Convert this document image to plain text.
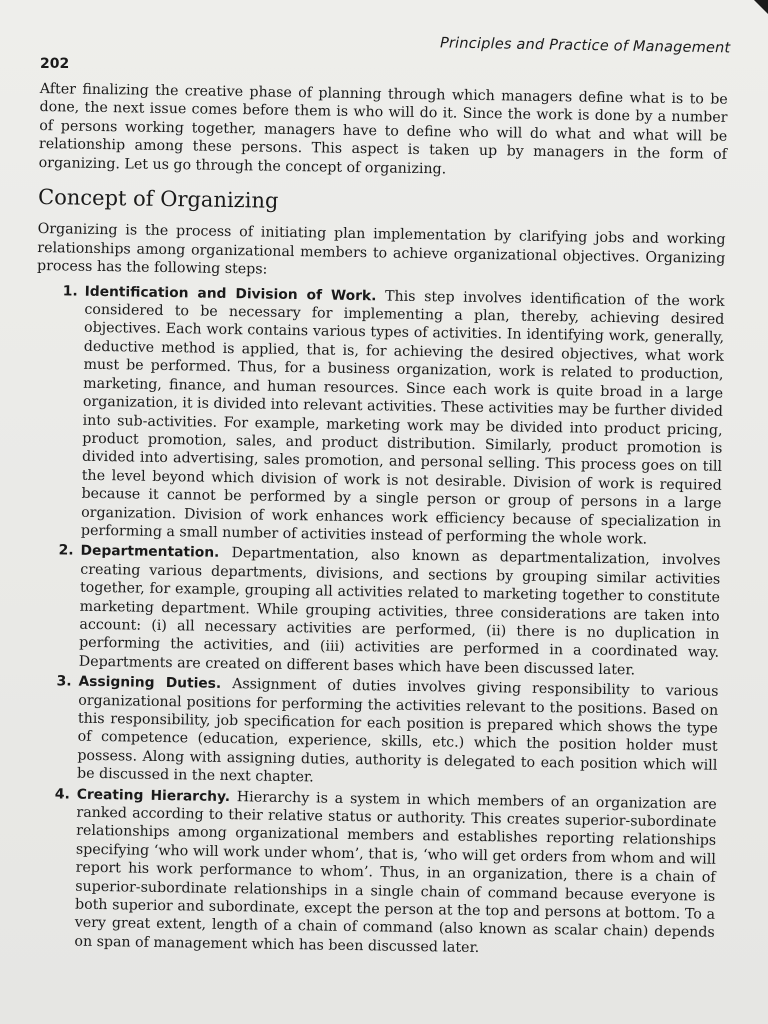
Principles and Practice of Management
202

After finalizing the creative phase of planning through which managers define what is to be done, the next issue comes before them is who will do it. Since the work is done by a number of persons working together, managers have to define who will do what and what will be relationship among these persons. This aspect is taken up by managers in the form of organizing. Let us go through the concept of organizing.

Concept of Organizing

Organizing is the process of initiating plan implementation by clarifying jobs and working relationships among organizational members to achieve organizational objectives. Organizing process has the following steps:

1. Identification and Division of Work. This step involves identification of the work considered to be necessary for implementing a plan, thereby, achieving desired objectives. Each work contains various types of activities. In identifying work, generally, deductive method is applied, that is, for achieving the desired objectives, what work must be performed. Thus, for a business organization, work is related to production, marketing, finance, and human resources. Since each work is quite broad in a large organization, it is divided into relevant activities. These activities may be further divided into sub-activities. For example, marketing work may be divided into product pricing, product promotion, sales, and product distribution. Similarly, product promotion is divided into advertising, sales promotion, and personal selling. This process goes on till the level beyond which division of work is not desirable. Division of work is required because it cannot be performed by a single person or group of persons in a large organization. Division of work enhances work efficiency because of specialization in performing a small number of activities instead of performing the whole work.
2. Departmentation. Departmentation, also known as departmentalization, involves creating various departments, divisions, and sections by grouping similar activities together, for example, grouping all activities related to marketing together to constitute marketing department. While grouping activities, three considerations are taken into account: (i) all necessary activities are performed, (ii) there is no duplication in performing the activities, and (iii) activities are performed in a coordinated way. Departments are created on different bases which have been discussed later.
3. Assigning Duties. Assignment of duties involves giving responsibility to various organizational positions for performing the activities relevant to the positions. Based on this responsibility, job specification for each position is prepared which shows the type of competence (education, experience, skills, etc.) which the position holder must possess. Along with assigning duties, authority is delegated to each position which will be discussed in the next chapter.
4. Creating Hierarchy. Hierarchy is a system in which members of an organization are ranked according to their relative status or authority. This creates superior-subordinate relationships among organizational members and establishes reporting relationships specifying ‘who will work under whom’, that is, ‘who will get orders from whom and will report his work performance to whom’. Thus, in an organization, there is a chain of superior-subordinate relationships in a single chain of command because everyone is both superior and subordinate, except the person at the top and persons at bottom. To a very great extent, length of a chain of command (also known as scalar chain) depends on span of management which has been discussed later.
